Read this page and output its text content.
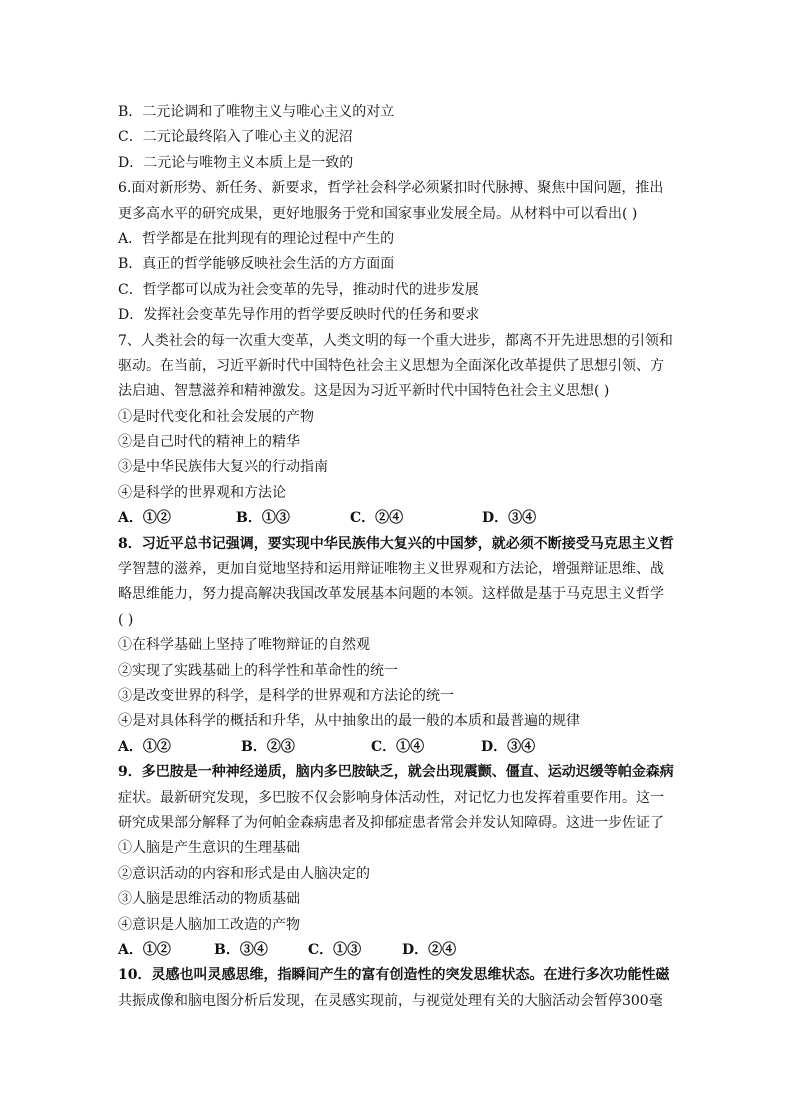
B．二元论调和了唯物主义与唯心主义的对立
C．二元论最终陷入了唯心主义的泥沼
D．二元论与唯物主义本质上是一致的
6.面对新形势、新任务、新要求，哲学社会科学必须紧扣时代脉搏、聚焦中国问题，推出
更多高水平的研究成果，更好地服务于党和国家事业发展全局。从材料中可以看出( )
A．哲学都是在批判现有的理论过程中产生的
B．真正的哲学能够反映社会生活的方方面面
C．哲学都可以成为社会变革的先导，推动时代的进步发展
D．发挥社会变革先导作用的哲学要反映时代的任务和要求
7、人类社会的每一次重大变革，人类文明的每一个重大进步，都离不开先进思想的引领和
驱动。在当前，习近平新时代中国特色社会主义思想为全面深化改革提供了思想引领、方
法启迪、智慧滋养和精神激发。这是因为习近平新时代中国特色社会主义思想( )
①是时代变化和社会发展的产物
②是自己时代的精神上的精华
③是中华民族伟大复兴的行动指南
④是科学的世界观和方法论
A．①②	B．①③	C．②④	D．③④
8．习近平总书记强调，要实现中华民族伟大复兴的中国梦，就必须不断接受马克思主义哲
学智慧的滋养，更加自觉地坚持和运用辩证唯物主义世界观和方法论，增强辩证思维、战
略思维能力，努力提高解决我国改革发展基本问题的本领。这样做是基于马克思主义哲学
( )
①在科学基础上坚持了唯物辩证的自然观
②实现了实践基础上的科学性和革命性的统一
③是改变世界的科学，是科学的世界观和方法论的统一
④是对具体科学的概括和升华，从中抽象出的最一般的本质和最普遍的规律
A．①②	B．②③	C．①④	D．③④
9．多巴胺是一种神经递质，脑内多巴胺缺乏，就会出现震颤、僵直、运动迟缓等帕金森病
症状。最新研究发现，多巴胺不仅会影响身体活动性，对记忆力也发挥着重要作用。这一
研究成果部分解释了为何帕金森病患者及抑郁症患者常会并发认知障碍。这进一步佐证了
①人脑是产生意识的生理基础
②意识活动的内容和形式是由人脑决定的
③人脑是思维活动的物质基础
④意识是人脑加工改造的产物
A．①②	B．③④	C．①③	D．②④
10．灵感也叫灵感思维，指瞬间产生的富有创造性的突发思维状态。在进行多次功能性磁
共振成像和脑电图分析后发现，在灵感实现前，与视觉处理有关的大脑活动会暂停300毫
